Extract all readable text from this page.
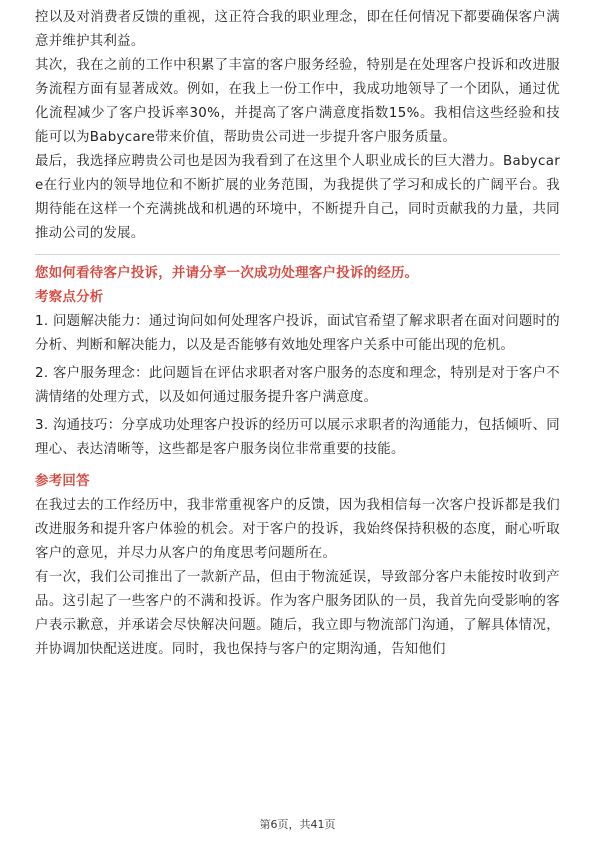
控以及对消费者反馈的重视，这正符合我的职业理念，即在任何情况下都要确保客户满意并维护其利益。

其次，我在之前的工作中积累了丰富的客户服务经验，特别是在处理客户投诉和改进服务流程方面有显著成效。例如，在我上一份工作中，我成功地领导了一个团队，通过优化流程减少了客户投诉率30%，并提高了客户满意度指数15%。我相信这些经验和技能可以为Babycare带来价值，帮助贵公司进一步提升客户服务质量。

最后，我选择应聘贵公司也是因为我看到了在这里个人职业成长的巨大潜力。Babycare在行业内的领导地位和不断扩展的业务范围，为我提供了学习和成长的广阔平台。我期待能在这样一个充满挑战和机遇的环境中，不断提升自己，同时贡献我的力量，共同推动公司的发展。

您如何看待客户投诉，并请分享一次成功处理客户投诉的经历。

考察点分析

1. 问题解决能力：通过询问如何处理客户投诉，面试官希望了解求职者在面对问题时的分析、判断和解决能力，以及是否能够有效地处理客户关系中可能出现的危机。

2. 客户服务理念：此问题旨在评估求职者对客户服务的态度和理念，特别是对于客户不满情绪的处理方式，以及如何通过服务提升客户满意度。

3. 沟通技巧：分享成功处理客户投诉的经历可以展示求职者的沟通能力，包括倾听、同理心、表达清晰等，这些都是客户服务岗位非常重要的技能。

参考回答

在我过去的工作经历中，我非常重视客户的反馈，因为我相信每一次客户投诉都是我们改进服务和提升客户体验的机会。对于客户的投诉，我始终保持积极的态度，耐心听取客户的意见，并尽力从客户的角度思考问题所在。

有一次，我们公司推出了一款新产品，但由于物流延误，导致部分客户未能按时收到产品。这引起了一些客户的不满和投诉。作为客户服务团队的一员，我首先向受影响的客户表示歉意，并承诺会尽快解决问题。随后，我立即与物流部门沟通，了解具体情况，并协调加快配送进度。同时，我也保持与客户的定期沟通，告知他们

第6页，共41页
